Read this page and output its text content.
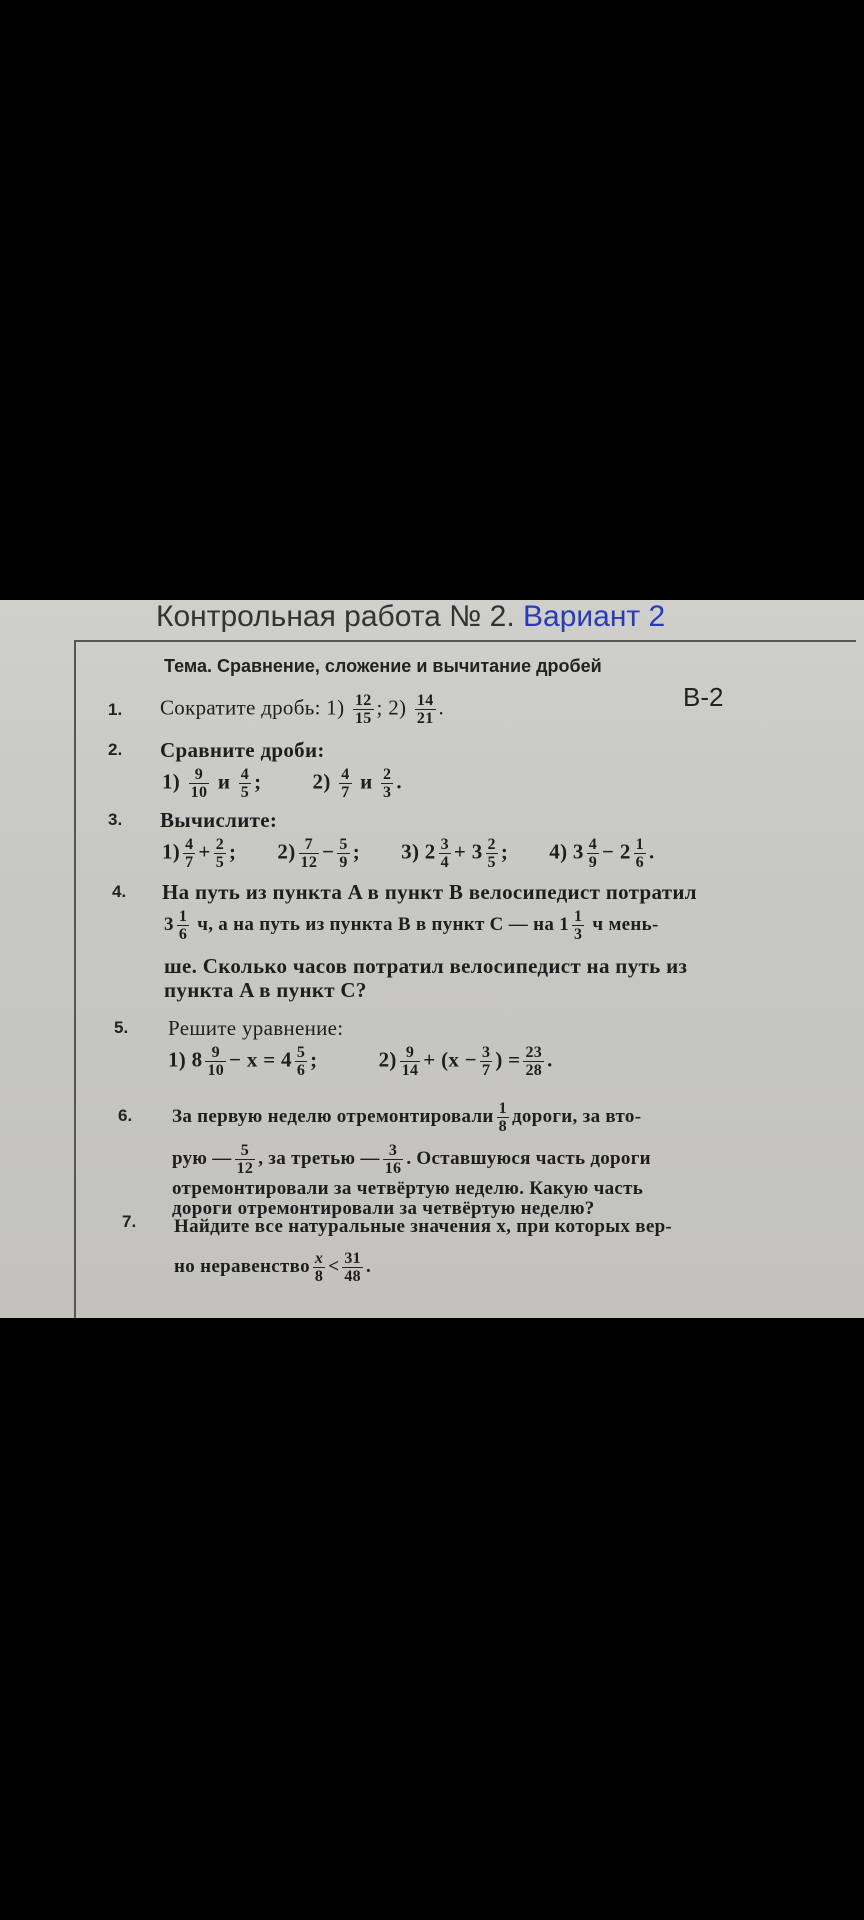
Контрольная работа № 2. Вариант 2
Тема. Сравнение, сложение и вычитание дробей
В-2
1.
2.
3.
4.
5.
6.
7.
Сократите дробь: $1) \frac{12}{15}$ ; $2) \frac{14}{21}$ .
Сравните дроби:
$1) \frac{9}{10}$ и $\frac{4}{5}$ ; $2) \frac{4}{7}$ и $\frac{2}{3}$ .
Вычислите:
$1) \frac{4}{7} + \frac{2}{5}$ ; $2) \frac{7}{12} - \frac{5}{9}$ ; 3) $2 \frac{3}{4} + 3 \frac{2}{5}$ ; 4) $3 \frac{4}{9} - 2 \frac{1}{6}$ .
На путь из пункта A в пункт B велосипедист потратил
$3 \frac{1}{6} ч$, а на путь из пункта B в пункт C — на $1 \frac{1}{3}$ ч мень-
ше. Сколько часов потратил велосипедист на путь из
пункта A в пункт C?
Решите уравнение:
1) $8 \frac{9}{10} - x = 4 \frac{5}{6}$ ;	$2) \frac{9}{14} + (x - \frac{3}{7}$ ) = $\frac{23}{28}$ .
За первую неделю отремонтировали $\frac{1}{8}$ дороги, за вто-
рую — $\frac{5}{12}$ , за третью — $\frac{3}{16}$ . Оставшуюся часть дороги
отремонтировали за четвёртую неделю. Какую часть
дороги отремонтировали за четвёртую неделю?
Найдите все натуральные значения x, при которых вер-
но неравенство $\frac{x}{8} < \frac{31}{48}$ .
